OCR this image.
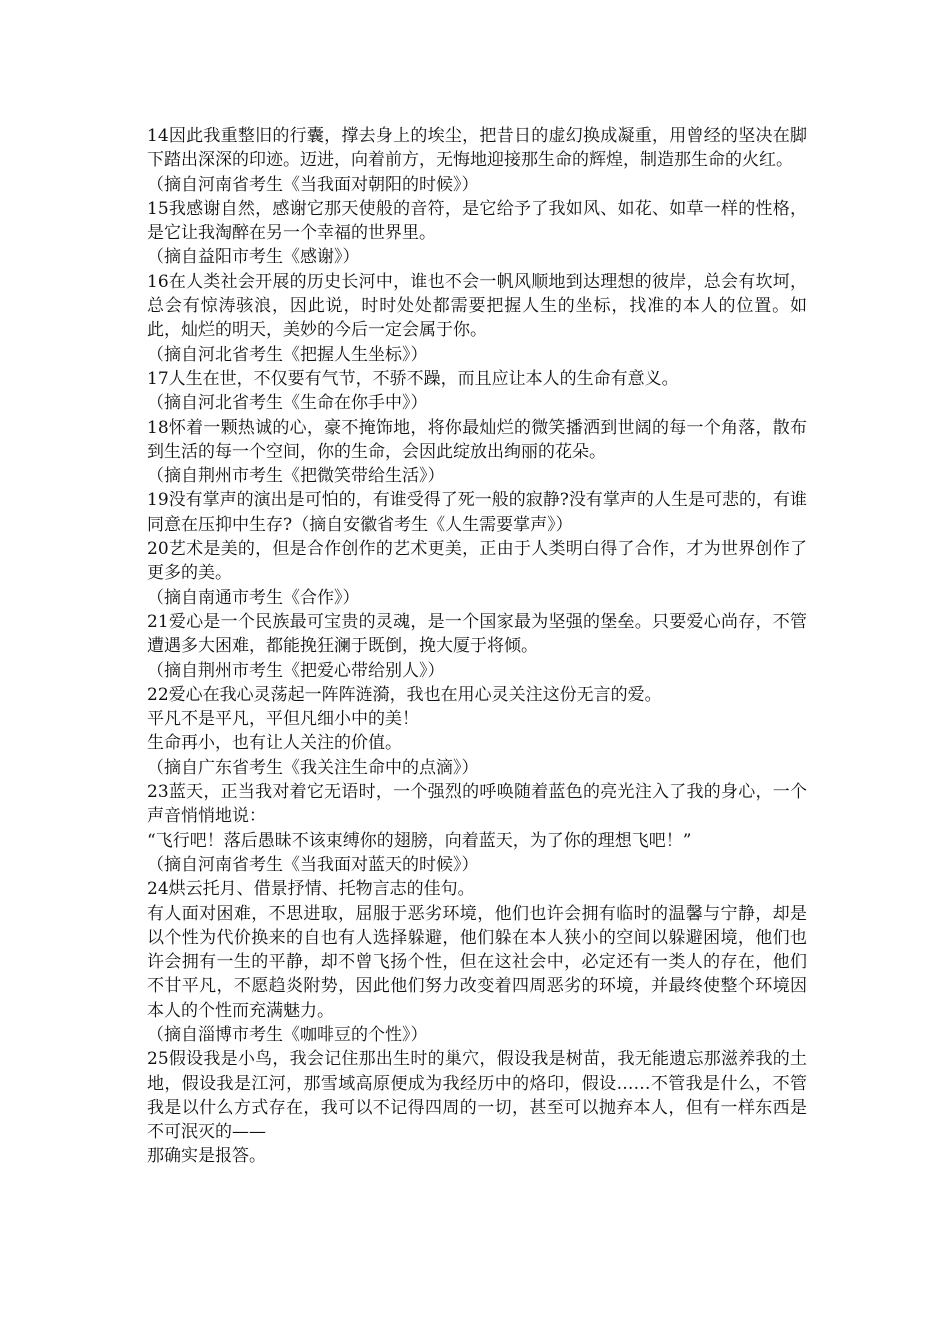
14因此我重整旧的行囊，撑去身上的埃尘，把昔日的虚幻换成凝重，用曾经的坚决在脚下踏出深深的印迹。迈进，向着前方，无悔地迎接那生命的辉煌，制造那生命的火红。

（摘自河南省考生《当我面对朝阳的时候》）

15我感谢自然，感谢它那天使般的音符，是它给予了我如风、如花、如草一样的性格，是它让我淘醉在另一个幸福的世界里。

（摘自益阳市考生《感谢》）

16在人类社会开展的历史长河中，谁也不会一帆风顺地到达理想的彼岸，总会有坎坷，总会有惊涛骇浪，因此说，时时处处都需要把握人生的坐标，找准的本人的位置。如此，灿烂的明天，美妙的今后一定会属于你。

（摘自河北省考生《把握人生坐标》）

17人生在世，不仅要有气节，不骄不躁，而且应让本人的生命有意义。

（摘自河北省考生《生命在你手中》）

18怀着一颗热诚的心，豪不掩饰地，将你最灿烂的微笑播洒到世阔的每一个角落，散布到生活的每一个空间，你的生命，会因此绽放出绚丽的花朵。

（摘自荆州市考生《把微笑带给生活》）

19没有掌声的演出是可怕的，有谁受得了死一般的寂静?没有掌声的人生是可悲的，有谁同意在压抑中生存?（摘自安徽省考生《人生需要掌声》）

20艺术是美的，但是合作创作的艺术更美，正由于人类明白得了合作，才为世界创作了更多的美。

（摘自南通市考生《合作》）

21爱心是一个民族最可宝贵的灵魂，是一个国家最为坚强的堡垒。只要爱心尚存，不管遭遇多大困难，都能挽狂澜于既倒，挽大厦于将倾。

（摘自荆州市考生《把爱心带给别人》）

22爱心在我心灵荡起一阵阵涟漪，我也在用心灵关注这份无言的爱。

平凡不是平凡，平但凡细小中的美！

生命再小，也有让人关注的价值。

（摘自广东省考生《我关注生命中的点滴》）

23蓝天，正当我对着它无语时，一个强烈的呼唤随着蓝色的亮光注入了我的身心，一个声音悄悄地说：

“飞行吧！落后愚昧不该束缚你的翅膀，向着蓝天，为了你的理想飞吧！”

（摘自河南省考生《当我面对蓝天的时候》）

24烘云托月、借景抒情、托物言志的佳句。

有人面对困难，不思进取，屈服于恶劣环境，他们也许会拥有临时的温馨与宁静，却是以个性为代价换来的自也有人选择躲避，他们躲在本人狭小的空间以躲避困境，他们也许会拥有一生的平静，却不曾飞扬个性，但在这社会中，必定还有一类人的存在，他们不甘平凡，不愿趋炎附势，因此他们努力改变着四周恶劣的环境，并最终使整个环境因本人的个性而充满魅力。

（摘自淄博市考生《咖啡豆的个性》）

25假设我是小鸟，我会记住那出生时的巢穴，假设我是树苗，我无能遗忘那滋养我的土地，假设我是江河，那雪域高原便成为我经历中的烙印，假设……不管我是什么，不管我是以什么方式存在，我可以不记得四周的一切，甚至可以抛弃本人，但有一样东西是不可泯灭的——

那确实是报答。
